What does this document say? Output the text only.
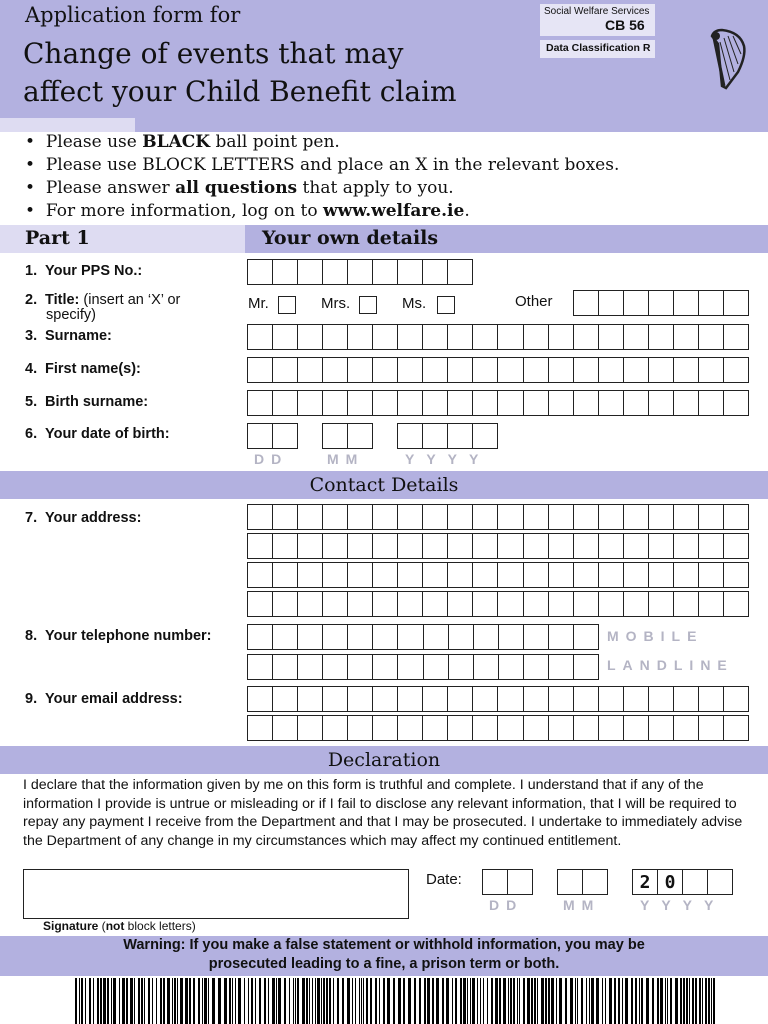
Application form for
Change of events that may
affect your Child Benefit claim
Social Welfare Services
CB 56
Data Classification R
•  Please use BLACK ball point pen.
•  Please use BLOCK LETTERS and place an X in the relevant boxes.
•  Please answer all questions that apply to you.
•  For more information, log on to www.welfare.ie.
Part 1	Your own details
1. Your PPS No.:
2. Title: (insert an ‘X’ or
specify)
Mr.	Mrs.	Ms.	Other
3. Surname:
4. First name(s):
5. Birth surname:
6. Your date of birth:
DD	MM	YYYY
Contact Details
7. Your address:
8. Your telephone number:	MOBILE
LANDLINE
9. Your email address:
Declaration
I declare that the information given by me on this form is truthful and complete. I understand that if any of the information I provide is untrue or misleading or if I fail to disclose any relevant information, that I will be required to repay any payment I receive from the Department and that I may be prosecuted. I undertake to immediately advise the Department of any change in my circumstances which may affect my continued entitlement.
Signature (not block letters)
Date:	2 0
DD	MM	YYYY
Warning: If you make a false statement or withhold information, you may be
prosecuted leading to a fine, a prison term or both.
